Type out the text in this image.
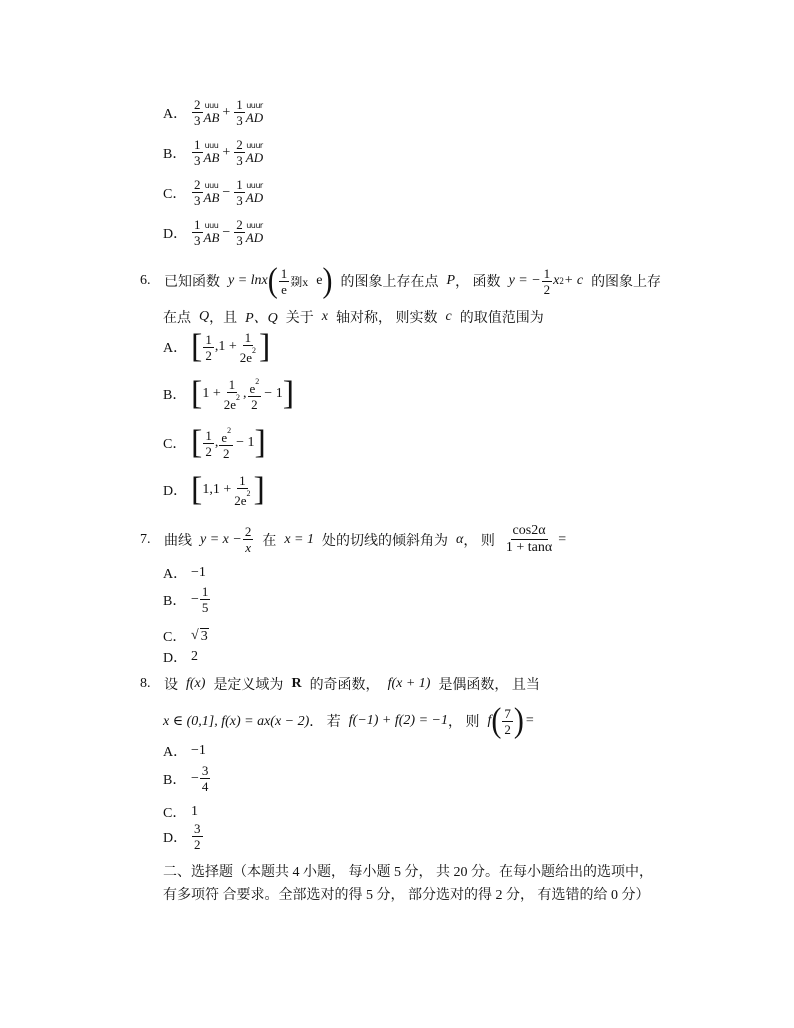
A． $\frac{2}{3}$ uuu
AB + $\frac{1}{3}$ uuur
AD
B． $\frac{1}{3}$ uuu
AB + $\frac{2}{3}$ uuur
AD
C． $\frac{2}{3}$ uuu
AB − $\frac{1}{3}$ uuur
AD
D． $\frac{1}{3}$ uuu
AB − $\frac{2}{3}$ uuur
AD
6. 已知函数 y = lnx ( $\frac{1}{e}$ 剟x e ) 的图象上存在点 P ， 函数 y = − $\frac{1}{2}$ x 2 + c 的图象上存
在点 Q ，且 P、Q 关于 x 轴对称， 则实数 c 的取值范围为
A． [ $\frac{1}{2} ,1 + \frac{1}{2e^2}$ ]
B． [ $1 + \frac{1}{2e^2}$ , $\frac{e^2}{2} - 1$ ]
C． [ $\frac{1}{2}$ , $\frac{e^2}{2} - 1$ ]
D． [ $1,1 + \frac{1}{2e^2}$ ]
7. 曲线 $y = x - \frac{2}{x}$ 在 x = 1 处的切线的倾斜角为 α ， 则 $\frac{\cos 2\alpha}{1 + \tan\alpha}$ =
A． −1
B． − $\frac{1}{5}$
C． √ 3
D． 2
8. 设 f(x) 是定义域为 R 的奇函数， f(x + 1) 是偶函数， 且当
x ∈ (0,1], f(x) = ax(x − 2) ． 若 f(−1) + f(2) = −1 ， 则 f ( $\frac{7}{2}$ ) =
A． −1
B． − $\frac{3}{4}$
C． 1
D． $\frac{3}{2}$
二、选择题（本题共 4 小题， 每小题 5 分， 共 20 分。在每小题给出的选项中，
有多项符 合要求。全部选对的得 5 分， 部分选对的得 2 分， 有选错的给 0 分）
